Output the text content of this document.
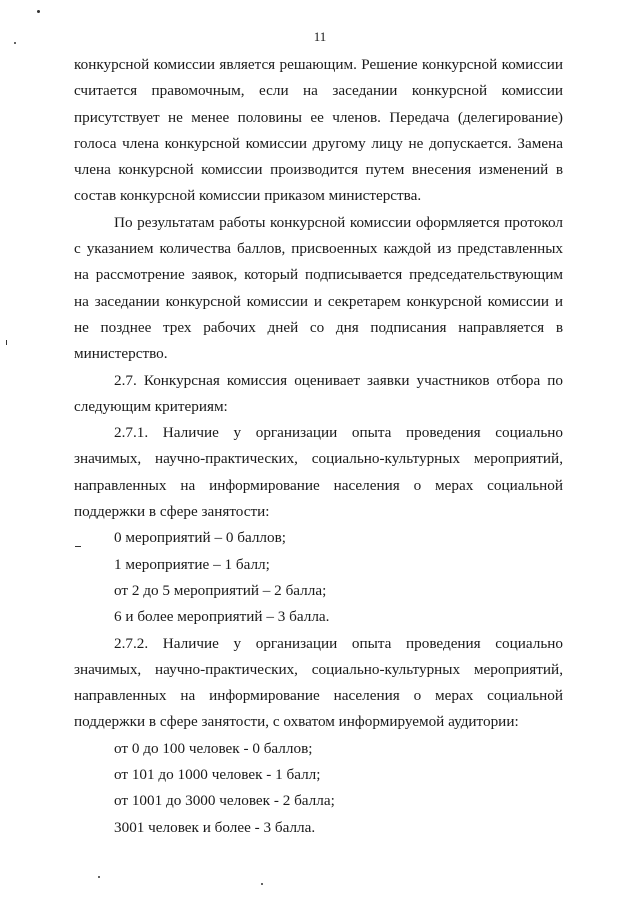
11

конкурсной комиссии является решающим. Решение конкурсной комиссии считается правомочным, если на заседании конкурсной комиссии присутствует не менее половины ее членов. Передача (делегирование) голоса члена конкурсной комиссии другому лицу не допускается. Замена члена конкурсной комиссии производится путем внесения изменений в состав конкурсной комиссии приказом министерства.

По результатам работы конкурсной комиссии оформляется протокол с указанием количества баллов, присвоенных каждой из представленных на рассмотрение заявок, который подписывается председательствующим на заседании конкурсной комиссии и секретарем конкурсной комиссии и не позднее трех рабочих дней со дня подписания направляется в министерство.

2.7. Конкурсная комиссия оценивает заявки участников отбора по следующим критериям:

2.7.1. Наличие у организации опыта проведения социально значимых, научно-практических, социально-культурных мероприятий, направленных на информирование населения о мерах социальной поддержки в сфере занятости:

0 мероприятий – 0 баллов;

1 мероприятие – 1 балл;

от 2 до 5 мероприятий – 2 балла;

6 и более мероприятий – 3 балла.

2.7.2. Наличие у организации опыта проведения социально значимых, научно-практических, социально-культурных мероприятий, направленных на информирование населения о мерах социальной поддержки в сфере занятости, с охватом информируемой аудитории:

от 0 до 100 человек - 0 баллов;

от 101 до 1000 человек - 1 балл;

от 1001 до 3000 человек - 2 балла;

3001 человек и более - 3 балла.
